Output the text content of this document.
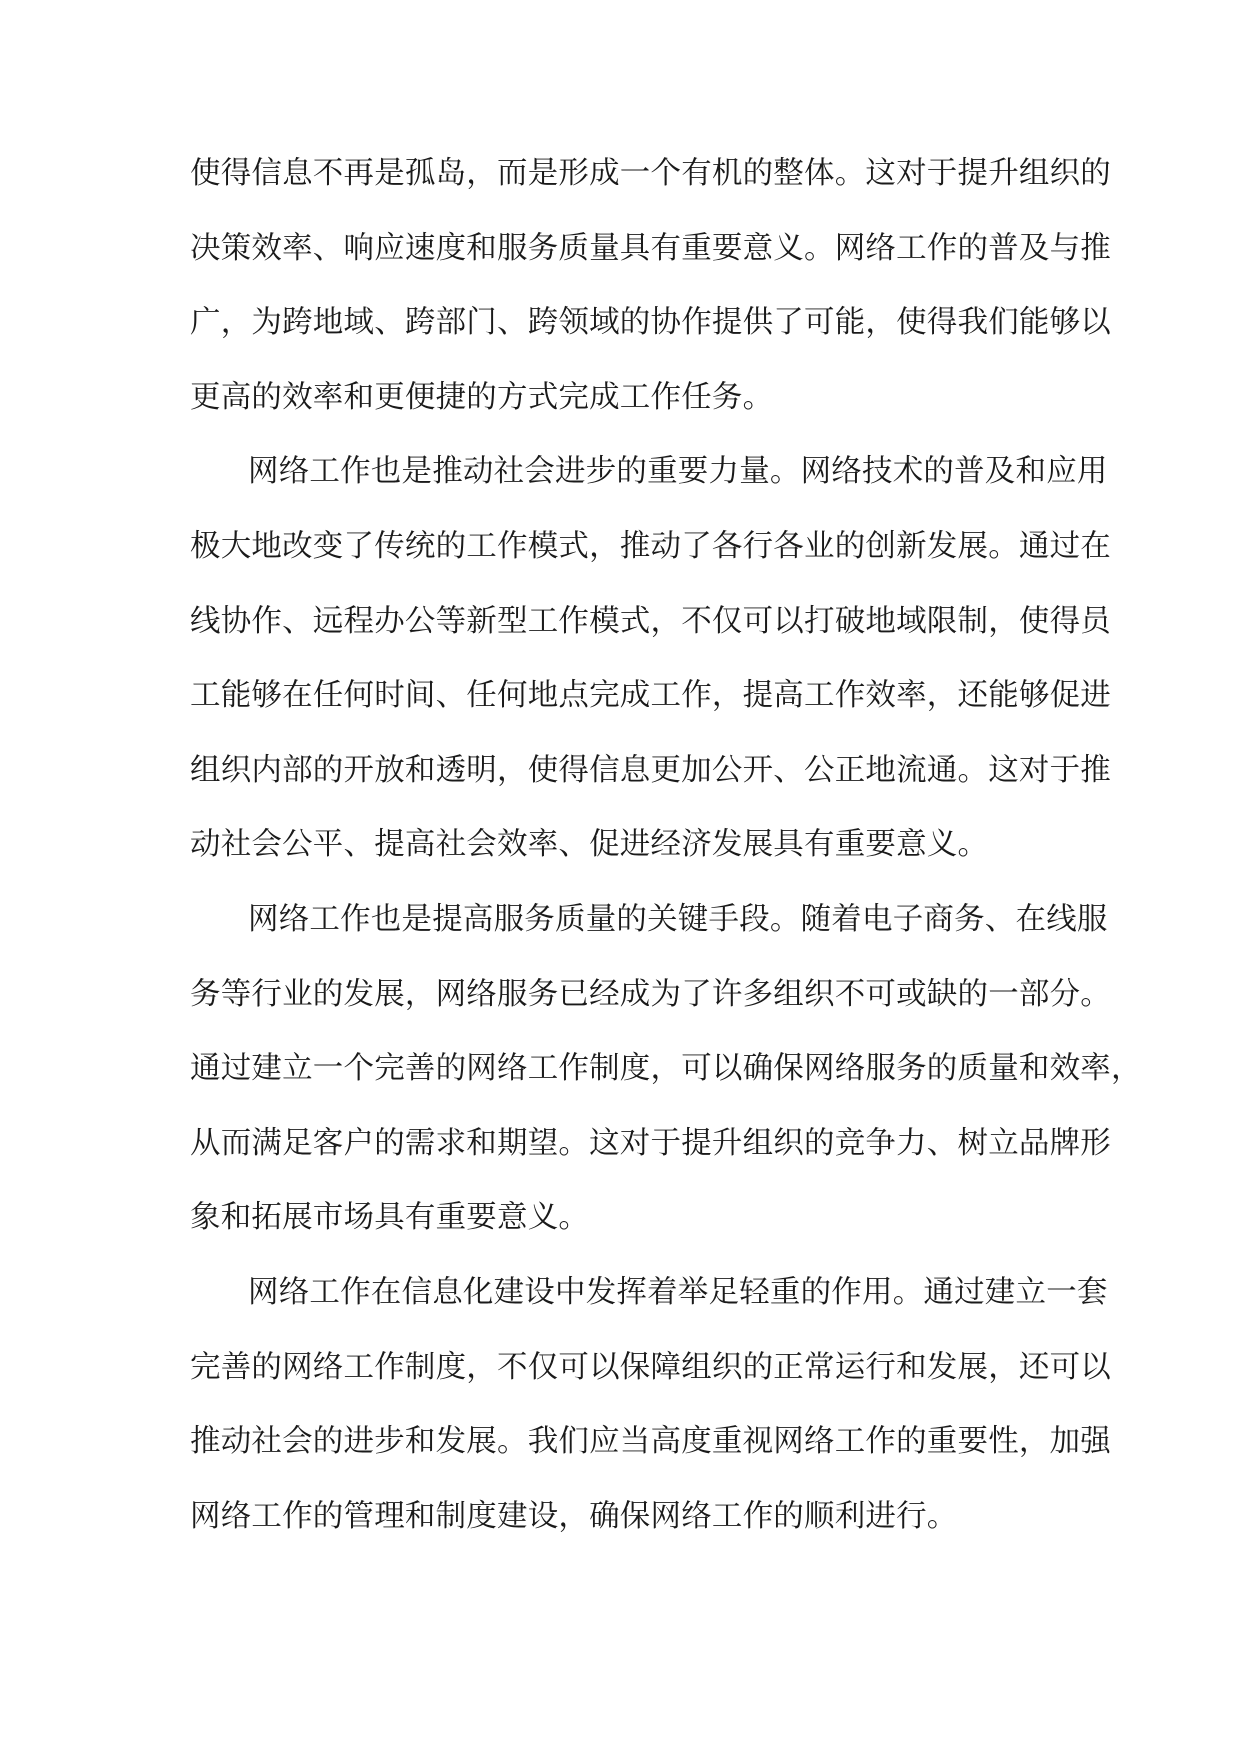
使得信息不再是孤岛，而是形成一个有机的整体。这对于提升组织的
决策效率、响应速度和服务质量具有重要意义。网络工作的普及与推
广，为跨地域、跨部门、跨领域的协作提供了可能，使得我们能够以
更高的效率和更便捷的方式完成工作任务。
网络工作也是推动社会进步的重要力量。网络技术的普及和应用
极大地改变了传统的工作模式，推动了各行各业的创新发展。通过在
线协作、远程办公等新型工作模式，不仅可以打破地域限制，使得员
工能够在任何时间、任何地点完成工作，提高工作效率，还能够促进
组织内部的开放和透明，使得信息更加公开、公正地流通。这对于推
动社会公平、提高社会效率、促进经济发展具有重要意义。
网络工作也是提高服务质量的关键手段。随着电子商务、在线服
务等行业的发展，网络服务已经成为了许多组织不可或缺的一部分。
通过建立一个完善的网络工作制度，可以确保网络服务的质量和效率，
从而满足客户的需求和期望。这对于提升组织的竞争力、树立品牌形
象和拓展市场具有重要意义。
网络工作在信息化建设中发挥着举足轻重的作用。通过建立一套
完善的网络工作制度，不仅可以保障组织的正常运行和发展，还可以
推动社会的进步和发展。我们应当高度重视网络工作的重要性，加强
网络工作的管理和制度建设，确保网络工作的顺利进行。
